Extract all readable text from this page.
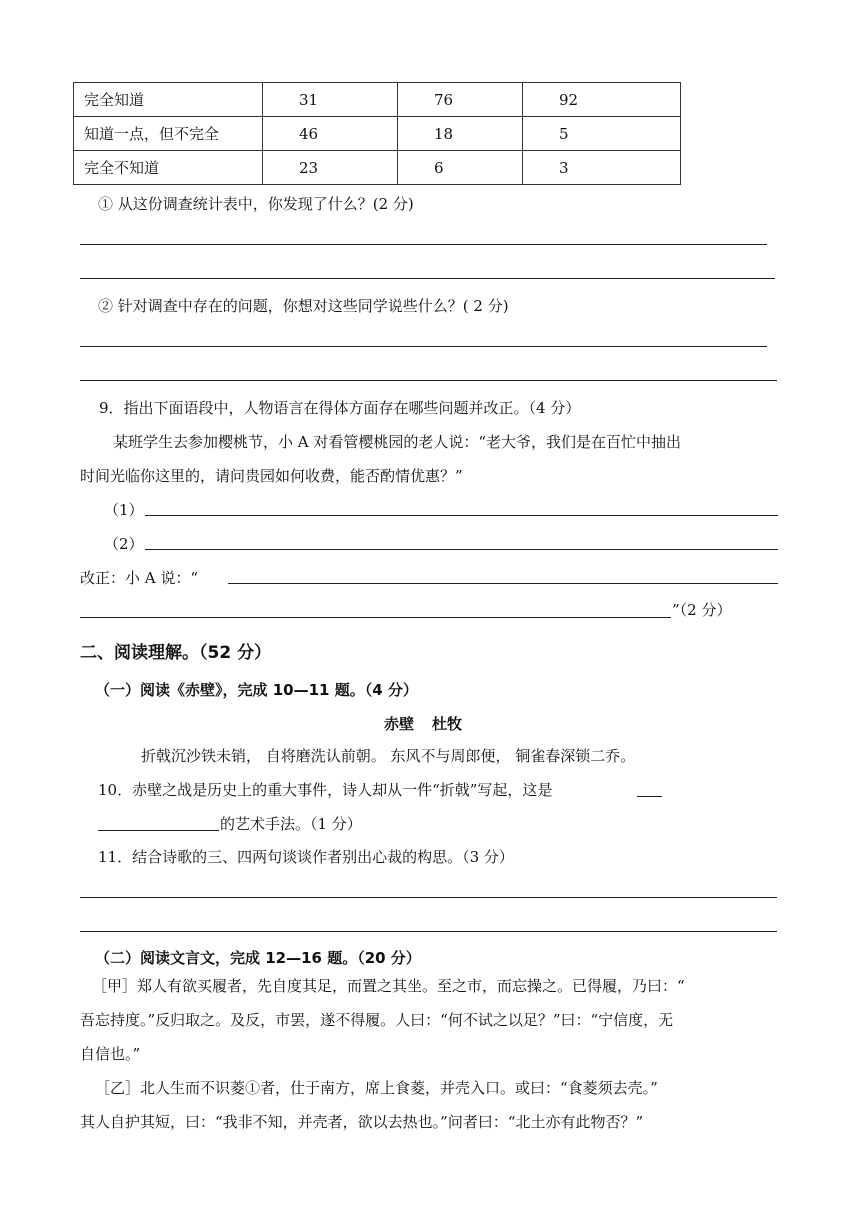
完全知道	31	76	92
知道一点，但不完全	46	18	5
完全不知道	23	6	3
① 从这份调查统计表中，你发现了什么？(2 分)
② 针对调查中存在的问题，你想对这些同学说些什么？( 2 分)
9．指出下面语段中，人物语言在得体方面存在哪些问题并改正。（4 分）
某班学生去参加樱桃节，小 A 对看管樱桃园的老人说：“老大爷，我们是在百忙中抽出
时间光临你这里的，请问贵园如何收费，能否酌情优惠？”
（1）
（2）
改正：小 A 说：“
”（2 分）
二、阅读理解。（52 分）
（一）阅读《赤壁》，完成 10—11 题。（4 分）
赤壁 杜牧
折戟沉沙铁未销， 自将磨洗认前朝。 东风不与周郎便， 铜雀春深锁二乔。
10．赤壁之战是历史上的重大事件，诗人却从一件“折戟”写起，这是
的艺术手法。（1 分）
11．结合诗歌的三、四两句谈谈作者别出心裁的构思。（3 分）
（二）阅读文言文，完成 12—16 题。（20 分）
［甲］郑人有欲买履者，先自度其足，而置之其坐。至之市，而忘操之。已得履，乃曰：“
吾忘持度。”反归取之。及反，市罢，遂不得履。人曰：“何不试之以足？”曰：“宁信度，无
自信也。”
［乙］北人生而不识菱①者，仕于南方，席上食菱，并壳入口。或曰：“食菱须去壳。”
其人自护其短，曰：“我非不知，并壳者，欲以去热也。”问者曰：“北土亦有此物否？”
